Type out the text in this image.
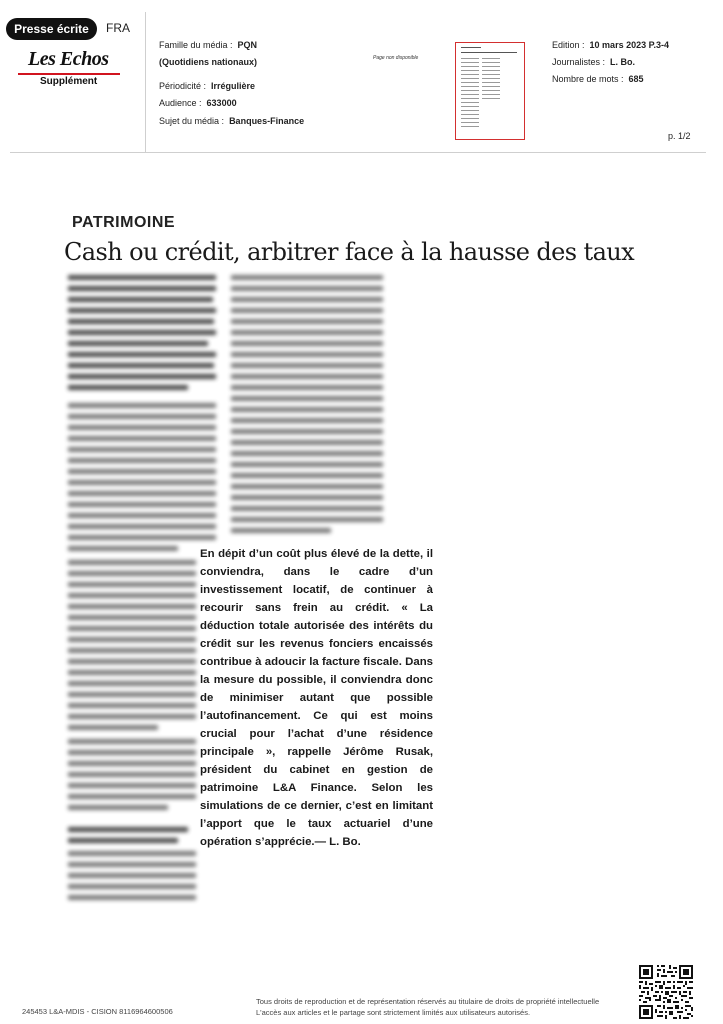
Presse écrite	FRA
Les Echos
Supplément
Famille du média : PQN
(Quotidiens nationaux)
Périodicité : Irrégulière
Audience : 633000
Sujet du média : Banques-Finance
Page non disponible
Edition : 10 mars 2023 P.3-4
Journalistes : L. Bo.
Nombre de mots : 685
p. 1/2
PATRIMOINE
Cash ou crédit, arbitrer face à la hausse des taux
En dépit d’un coût plus élevé de la dette, il conviendra, dans le cadre d’un investissement locatif, de continuer à recourir sans frein au crédit. « La déduction totale autorisée des intérêts du crédit sur les revenus fonciers encaissés contribue à adoucir la facture fiscale. Dans la mesure du possible, il conviendra donc de minimiser autant que possible l’autofinancement. Ce qui est moins crucial pour l’achat d’une résidence principale », rappelle Jérôme Rusak, président du cabinet en gestion de patrimoine L&A Finance. Selon les simulations de ce dernier, c’est en limitant l’apport que le taux actuariel d’une opération s’apprécie.— L. Bo.
245453 L&A-MDIS - CISION 8116964600506
Tous droits de reproduction et de représentation réservés au titulaire de droits de propriété intellectuelle
L'accès aux articles et le partage sont strictement limités aux utilisateurs autorisés.
